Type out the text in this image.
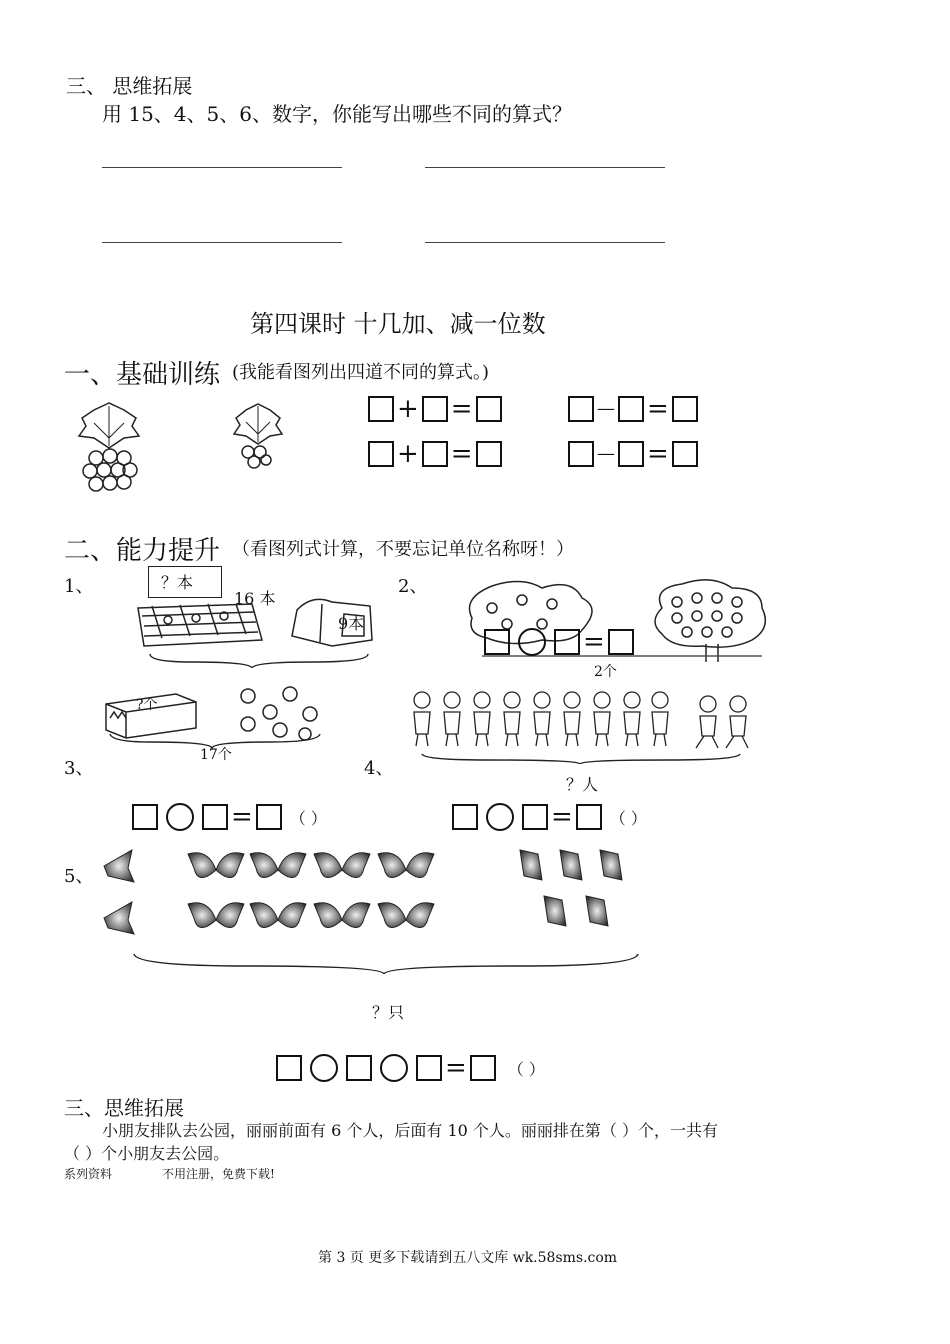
三、 思维拓展
用 15、4、5、6、数字，你能写出哪些不同的算式？
第四课时 十几加、减一位数
一、基础训练 (我能看图列出四道不同的算式。)
+ =	— =
+ =	— =
二、能力提升 （看图列式计算，不要忘记单位名称呀！）
1、	？本
16 本
9本
2、
=
2个
?个
17个
3、	4、
？人
= （ ）	= （ ）
5、
？只
=	（ ）
三、思维拓展
小朋友排队去公园，丽丽前面有 6 个人，后面有 10 个人。丽丽排在第（ ）个，一共有
（ ）个小朋友去公园。
系列资料	不用注册，免费下载!
第 3 页 更多下载请到五八文库 wk.58sms.com
